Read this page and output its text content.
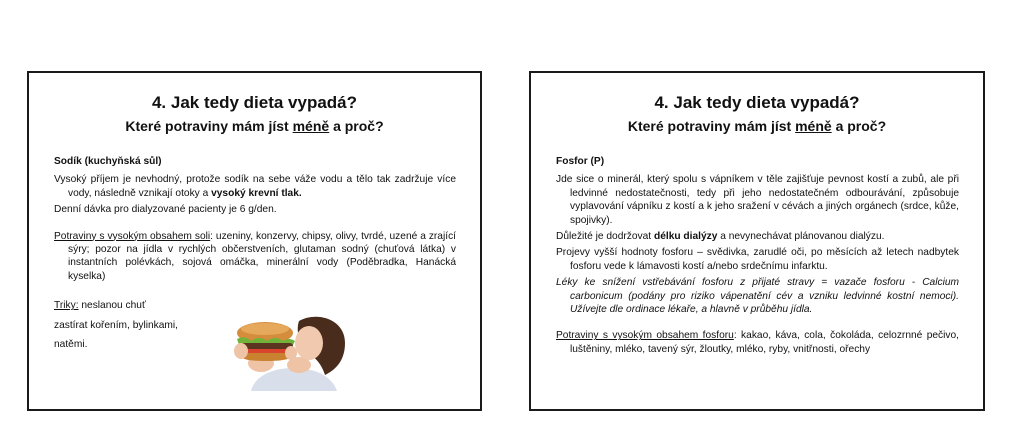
4. Jak tedy dieta vypadá?
Které potraviny mám jíst méně a proč?

Sodík (kuchyňská sůl)

Vysoký příjem je nevhodný, protože sodík na sebe váže vodu a tělo tak zadržuje více vody, následně vznikají otoky a vysoký krevní tlak.

Denní dávka pro dialyzované pacienty je 6 g/den.

Potraviny s vysokým obsahem soli: uzeniny, konzervy, chipsy, olivy, tvrdé, uzené a zrající sýry; pozor na jídla v rychlých občerstveních, glutaman sodný (chuťová látka) v instantních polévkách, sojová omáčka, minerální vody (Poděbradka, Hanácká kyselka)

Triky: neslanou chuť

zastírat kořením, bylinkami,

natěmi.

4. Jak tedy dieta vypadá?
Které potraviny mám jíst méně a proč?

Fosfor (P)

Jde sice o minerál, který spolu s vápníkem v těle zajišťuje pevnost kostí a zubů, ale při ledvinné nedostatečnosti, tedy při jeho nedostatečném odbourávání, způsobuje vyplavování vápníku z kostí a k jeho sražení v cévách a jiných orgánech (srdce, kůže, spojivky).

Důležité je dodržovat délku dialýzy a nevynechávat plánovanou dialýzu.

Projevy vyšší hodnoty fosforu – svědivka, zarudlé oči, po měsících až letech nadbytek fosforu vede k lámavosti kostí a/nebo srdečnímu infarktu.

Léky ke snížení vstřebávání fosforu z přijaté stravy = vazače fosforu - Calcium carbonicum (podány pro riziko vápenatění cév a vzniku ledvinné kostní nemoci). Užívejte dle ordinace lékaře, a hlavně v průběhu jídla.

Potraviny s vysokým obsahem fosforu: kakao, káva, cola, čokoláda, celozrnné pečivo, luštěniny, mléko, tavený sýr, žloutky, mléko, ryby, vnitřnosti, ořechy
